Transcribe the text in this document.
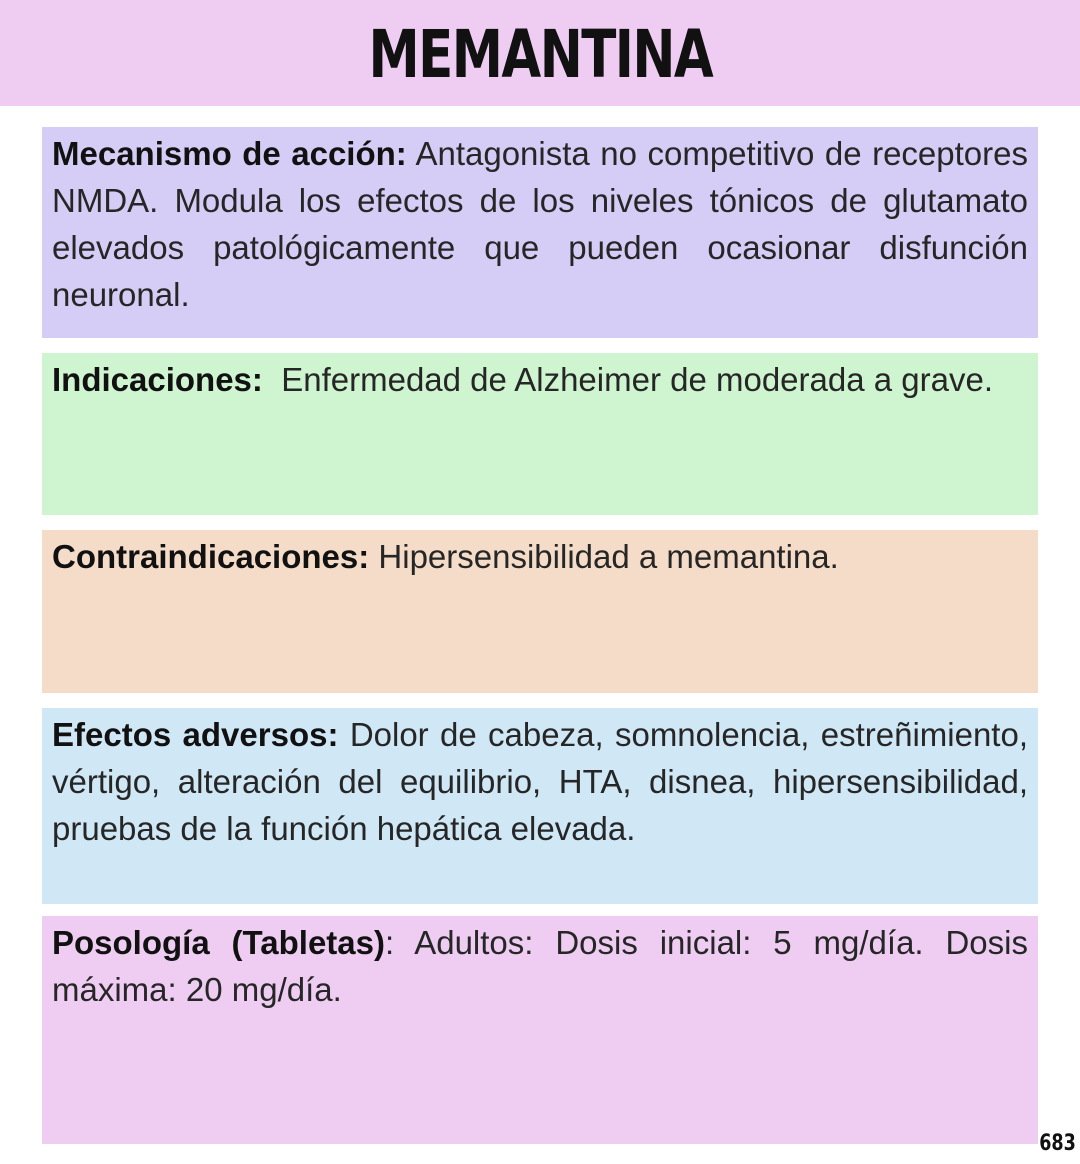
MEMANTINA

Mecanismo de acción: Antagonista no competitivo de receptores NMDA. Modula los efectos de los niveles tónicos de glutamato elevados patológicamente que pueden ocasionar disfunción neuronal.

Indicaciones: Enfermedad de Alzheimer de moderada a grave.

Contraindicaciones: Hipersensibilidad a memantina.

Efectos adversos: Dolor de cabeza, somnolencia, estreñimiento, vértigo, alteración del equilibrio, HTA, disnea, hipersensibilidad, pruebas de la función hepática elevada.

Posología (Tabletas): Adultos: Dosis inicial: 5 mg/día. Dosis máxima: 20 mg/día.

683
